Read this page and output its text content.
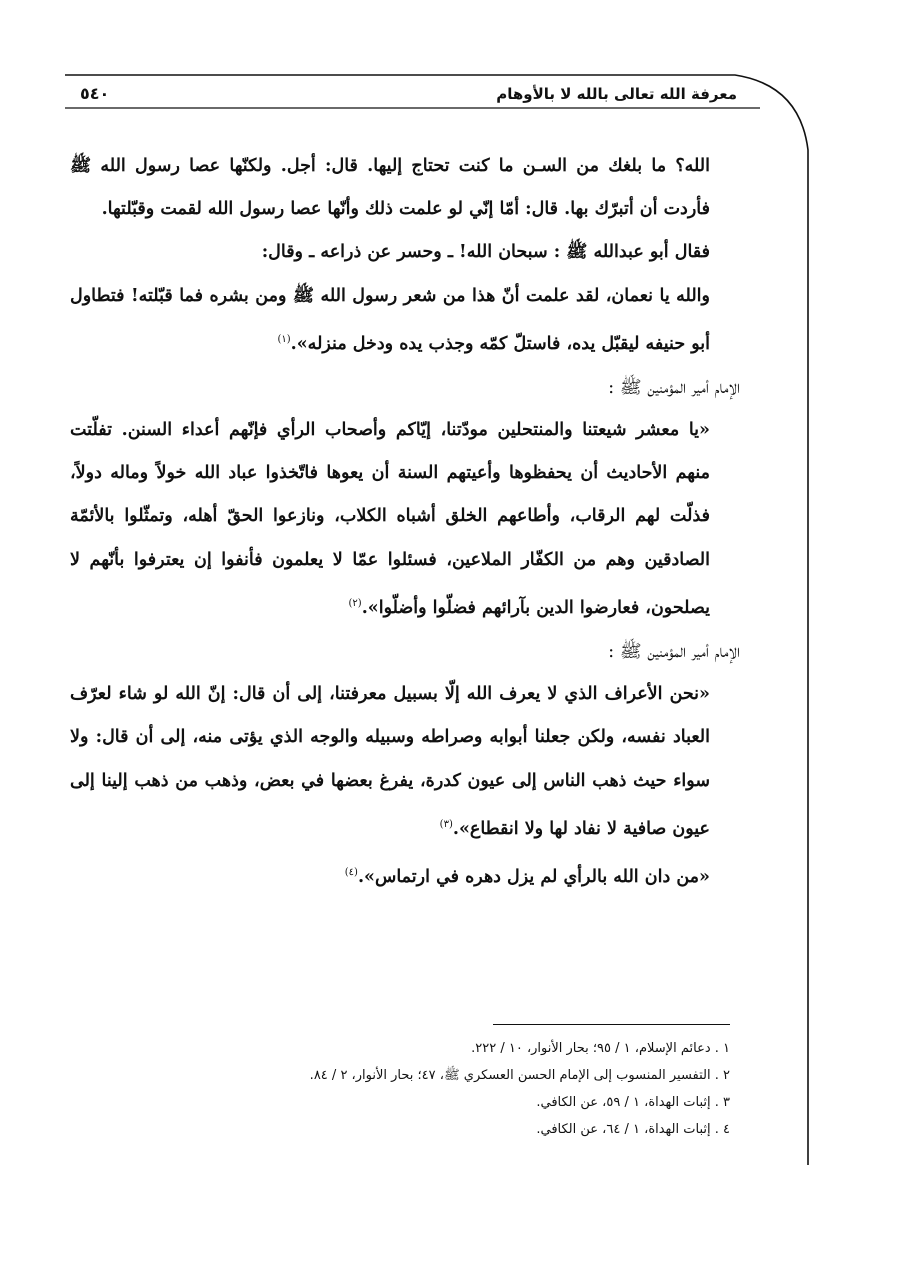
معرفة الله تعالى بالله لا بالأوهام
٥٤٠

الله؟ ما بلغك من السـن ما كنت تحتاج إليها. قال: أجل. ولكنّها عصا رسول الله ﷺ فأردت أن أتبرّك بها. قال: أمّا إنّي لو علمت ذلك وأنّها عصا رسول الله لقمت وقبّلتها.

فقال أبو عبدالله ﷺ : سبحان الله! ـ وحسر عن ذراعه ـ وقال:

والله يا نعمان، لقد علمت أنّ هذا من شعر رسول الله ﷺ ومن بشره فما قبّلته! فتطاول أبو حنيفه ليقبّل يده، فاستلّ كمّه وجذب يده ودخل منزله».$^{(١)}$

الإمام أمير المؤمنين ﷺ :

«يا معشر شيعتنا والمنتحلين مودّتنا، إيّاكم وأصحاب الرأي فإنّهم أعداء السنن. تفلّتت منهم الأحاديث أن يحفظوها وأعيتهم السنة أن يعوها فاتّخذوا عباد الله خولاً وماله دولاً، فذلّت لهم الرقاب، وأطاعهم الخلق أشباه الكلاب، ونازعوا الحقّ أهله، وتمثّلوا بالأئمّة الصادقين وهم من الكفّار الملاعين، فسئلوا عمّا لا يعلمون فأنفوا إن يعترفوا بأنّهم لا يصلحون، فعارضوا الدين بآرائهم فضلّوا وأضلّوا».$^{(٢)}$

الإمام أمير المؤمنين ﷺ :

«نحن الأعراف الذي لا يعرف الله إلّا بسبيل معرفتنا، إلى أن قال: إنّ الله لو شاء لعرّف العباد نفسه، ولكن جعلنا أبوابه وصراطه وسبيله والوجه الذي يؤتى منه، إلى أن قال: ولا سواء حيث ذهب الناس إلى عيون كدرة، يفرغ بعضها في بعض، وذهب من ذهب إلينا إلى عيون صافية لا نفاد لها ولا انقطاع».$^{(٣)}$

«من دان الله بالرأي لم يزل دهره في ارتماس».$^{(٤)}$

١ . دعائم الإسلام، ١ / ٩٥؛ بحار الأنوار، ١٠ / ٢٢٢.

٢ . التفسير المنسوب إلى الإمام الحسن العسكري ﷺ، ٤٧؛ بحار الأنوار، ٢ / ٨٤.

٣ . إثبات الهداة، ١ / ٥٩، عن الكافي.

٤ . إثبات الهداة، ١ / ٦٤، عن الكافي.
